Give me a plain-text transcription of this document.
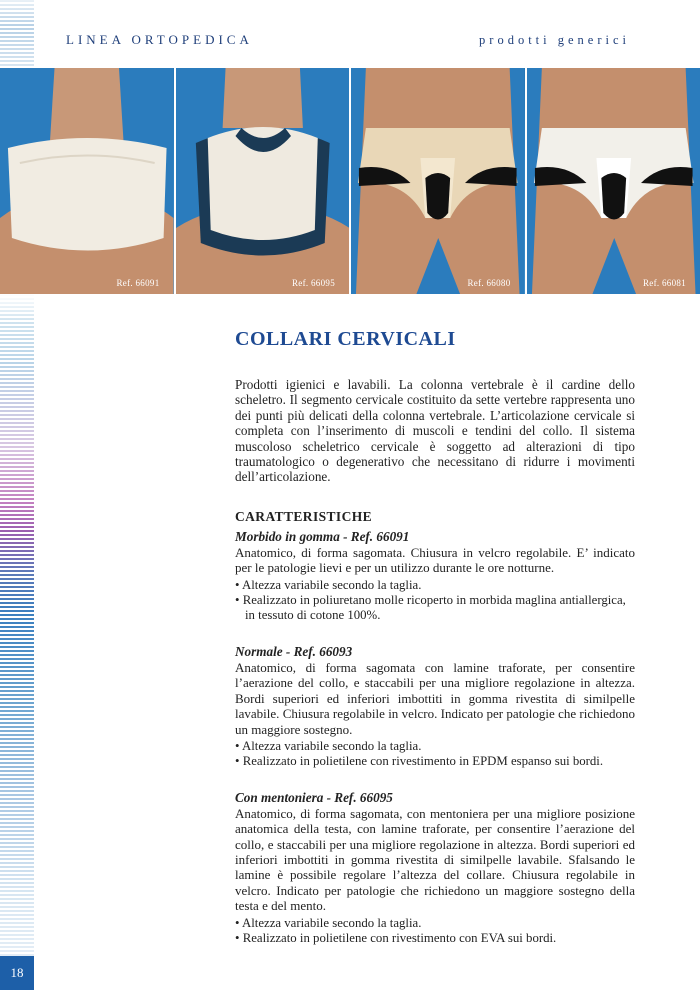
LINEA ORTOPEDICA	prodotti generici
Ref. 66091	Ref. 66095	Ref. 66080	Ref. 66081
COLLARI CERVICALI

Prodotti igienici e lavabili. La colonna vertebrale è il cardine dello scheletro. Il segmento cervicale costituito da sette vertebre rappresenta uno dei punti più delicati della colonna vertebrale. L’articolazione cervicale si completa con l’inserimento di muscoli e tendini del collo. Il sistema muscoloso scheletrico cervicale è soggetto ad alterazioni di tipo traumatologico o degenerativo che necessitano di ridurre i movimenti dell’articolazione.

CARATTERISTICHE
Morbido in gomma - Ref. 66091

Anatomico, di forma sagomata. Chiusura in velcro regolabile. E’ indicato per le patologie lievi e per un utilizzo durante le ore notturne.

• Altezza variabile secondo la taglia.
• Realizzato in poliuretano molle ricoperto in morbida maglina antiallergica, in tessuto di cotone 100%.
Normale - Ref. 66093

Anatomico, di forma sagomata con lamine traforate, per consentire l’aerazione del collo, e staccabili per una migliore regolazione in altezza. Bordi superiori ed inferiori imbottiti in gomma rivestita di similpelle lavabile. Chiusura regolabile in velcro. Indicato per patologie che richiedono un maggiore sostegno.

• Altezza variabile secondo la taglia.
• Realizzato in polietilene con rivestimento in EPDM espanso sui bordi.
Con mentoniera - Ref. 66095

Anatomico, di forma sagomata, con mentoniera per una migliore posizione anatomica della testa, con lamine traforate, per consentire l’aerazione del collo, e staccabili per una migliore regolazione in altezza. Bordi superiori ed inferiori imbottiti in gomma rivestita di similpelle lavabile. Sfalsando le lamine è possibile regolare l’altezza del collare. Chiusura regolabile in velcro. Indicato per patologie che richiedono un maggiore sostegno della testa e del mento.

• Altezza variabile secondo la taglia.
• Realizzato in polietilene con rivestimento con EVA sui bordi.
18
